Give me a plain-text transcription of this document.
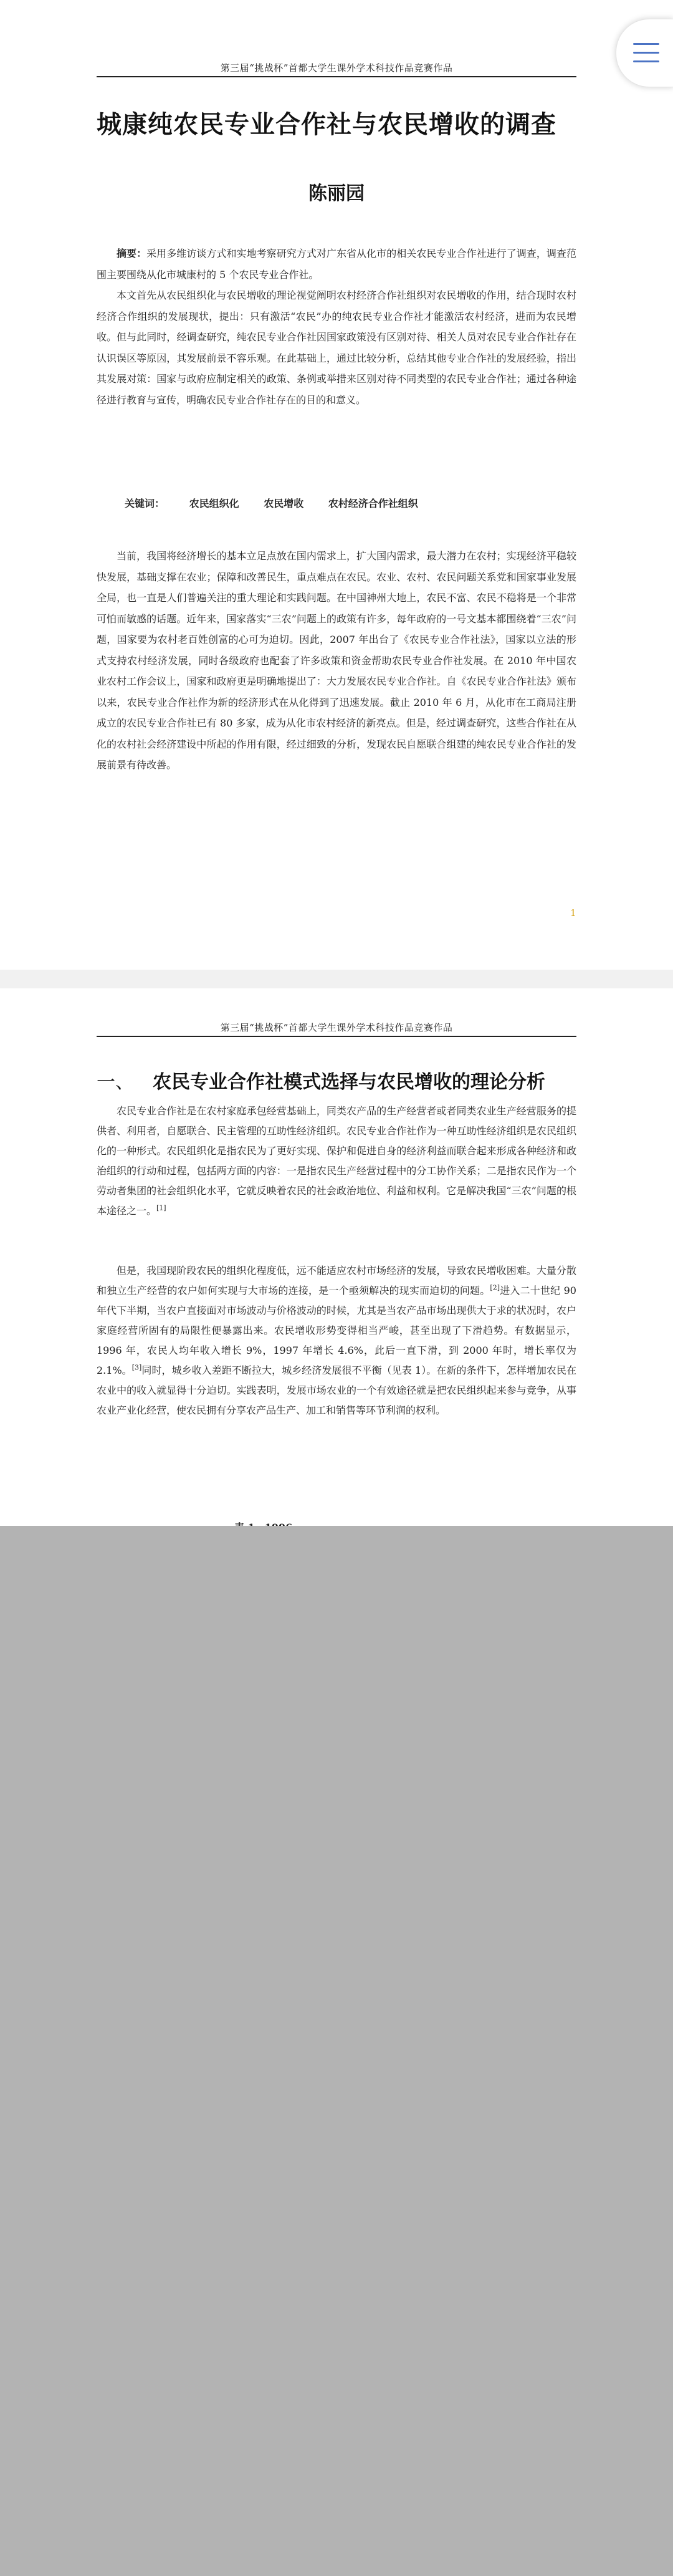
第三届“挑战杯”首都大学生课外学术科技作品竞赛作品
城康纯农民专业合作社与农民增收的调查
陈丽园

摘要：采用多维访谈方式和实地考察研究方式对广东省从化市的相关农民专业合作社进行了调查，调查范围主要围绕从化市城康村的 5 个农民专业合作社。

本文首先从农民组织化与农民增收的理论视觉阐明农村经济合作社组织对农民增收的作用，结合现时农村经济合作组织的发展现状，提出：只有激活“农民”办的纯农民专业合作社才能激活农村经济，进而为农民增收。但与此同时，经调查研究，纯农民专业合作社因国家政策没有区别对待、相关人员对农民专业合作社存在认识误区等原因，其发展前景不容乐观。在此基础上，通过比较分析，总结其他专业合作社的发展经验，指出其发展对策：国家与政府应制定相关的政策、条例或举措来区别对待不同类型的农民专业合作社；通过各种途径进行教育与宣传，明确农民专业合作社存在的目的和意义。

关键词： 农民组织化 农民增收 农村经济合作社组织

当前，我国将经济增长的基本立足点放在国内需求上，扩大国内需求，最大潜力在农村；实现经济平稳较快发展，基础支撑在农业；保障和改善民生，重点难点在农民。农业、农村、农民问题关系党和国家事业发展全局，也一直是人们普遍关注的重大理论和实践问题。在中国神州大地上，农民不富、农民不稳将是一个非常可怕而敏感的话题。近年来，国家落实“三农”问题上的政策有许多，每年政府的一号文基本都围绕着“三农”问题，国家要为农村老百姓创富的心可为迫切。因此，2007 年出台了《农民专业合作社法》，国家以立法的形式支持农村经济发展，同时各级政府也配套了许多政策和资金帮助农民专业合作社发展。在 2010 年中国农业农村工作会议上，国家和政府更是明确地提出了：大力发展农民专业合作社。自《农民专业合作社法》颁布以来，农民专业合作社作为新的经济形式在从化得到了迅速发展。截止 2010 年 6 月，从化市在工商局注册成立的农民专业合作社已有 80 多家，成为从化市农村经济的新亮点。但是，经过调查研究，这些合作社在从化的农村社会经济建设中所起的作用有限，经过细致的分析，发现农民自愿联合组建的纯农民专业合作社的发展前景有待改善。

1
第三届“挑战杯”首都大学生课外学术科技作品竞赛作品
一、 农民专业合作社模式选择与农民增收的理论分析

农民专业合作社是在农村家庭承包经营基础上，同类农产品的生产经营者或者同类农业生产经营服务的提供者、利用者，自愿联合、民主管理的互助性经济组织。农民专业合作社作为一种互助性经济组织是农民组织化的一种形式。农民组织化是指农民为了更好实现、保护和促进自身的经济利益而联合起来形成各种经济和政治组织的行动和过程，包括两方面的内容：一是指农民生产经营过程中的分工协作关系；二是指农民作为一个劳动者集团的社会组织化水平，它就反映着农民的社会政治地位、利益和权利。它是解决我国“三农”问题的根本途径之一。[1]

但是，我国现阶段农民的组织化程度低，远不能适应农村市场经济的发展，导致农民增收困难。大量分散和独立生产经营的农户如何实现与大市场的连接，是一个亟须解决的现实而迫切的问题。[2]进入二十世纪 90 年代下半期，当农户直接面对市场波动与价格波动的时候，尤其是当农产品市场出现供大于求的状况时，农户家庭经营所固有的局限性便暴露出来。农民增收形势变得相当严峻，甚至出现了下滑趋势。有数据显示，1996 年，农民人均年收入增长 9%，1997 年增长 4.6%，此后一直下滑，到 2000 年时，增长率仅为 2.1%。[3]同时，城乡收入差距不断拉大，城乡经济发展很不平衡（见表 1）。在新的条件下，怎样增加农民在农业中的收入就显得十分迫切。实践表明，发展市场农业的一个有效途径就是把农民组织起来参与竞争，从事农业产业化经营，使农民拥有分享农产品生产、加工和销售等环节利润的权利。
